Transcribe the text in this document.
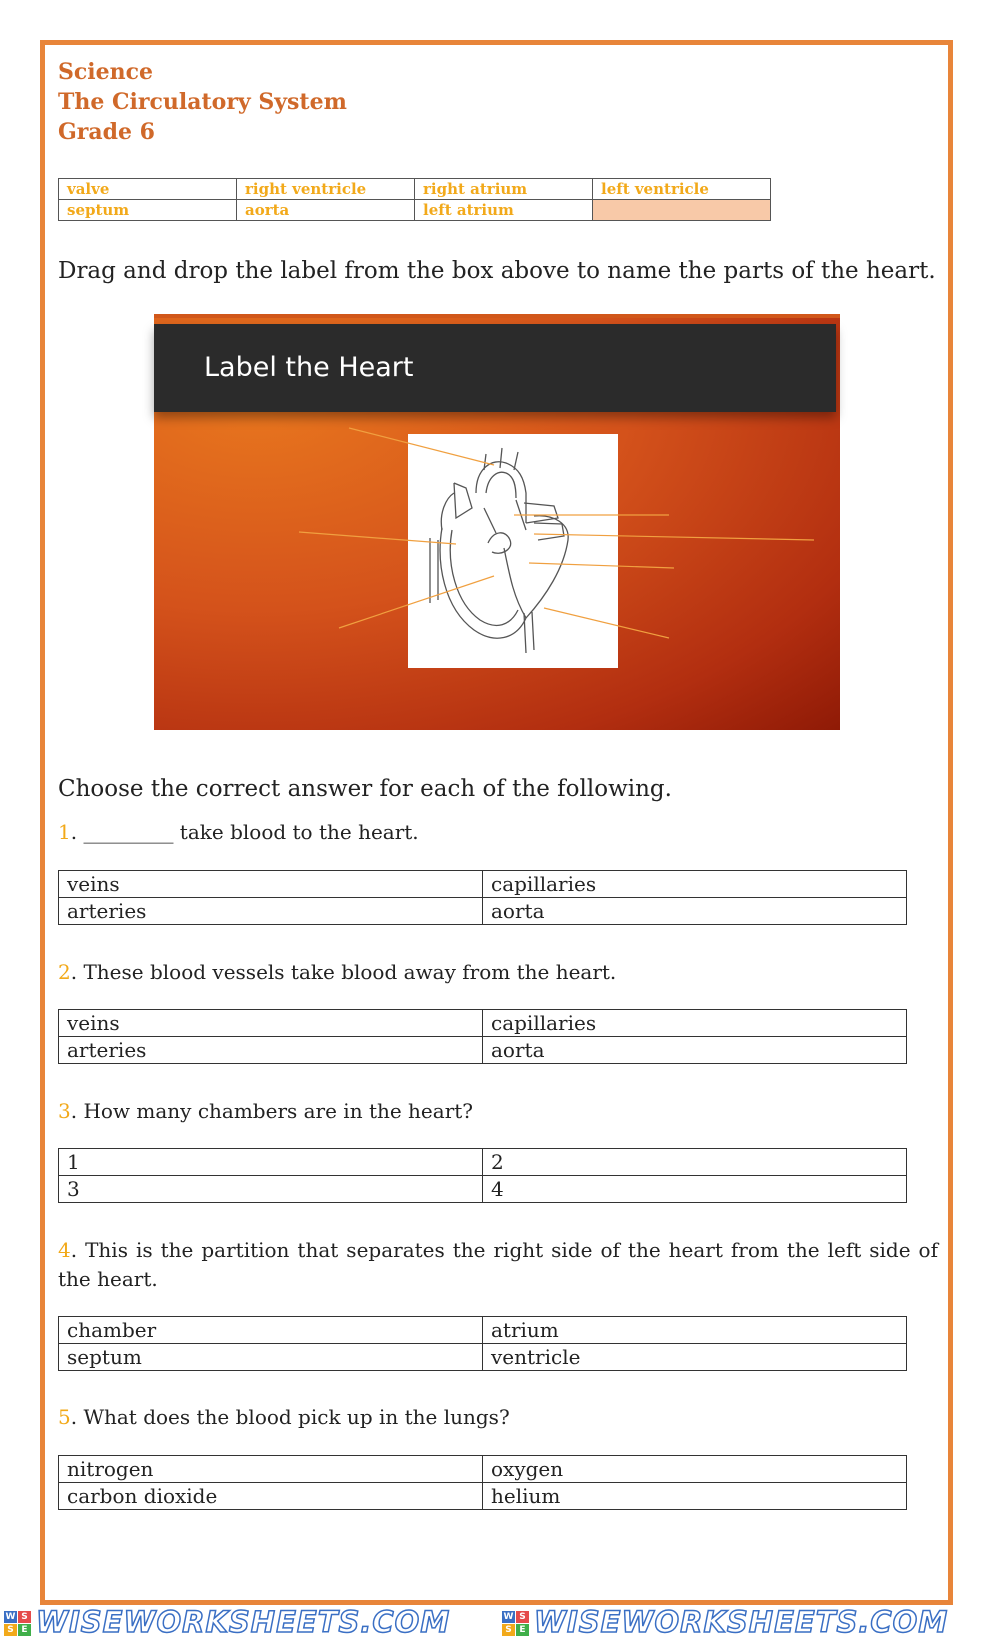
Science
The Circulatory System
Grade 6
valve	right ventricle	right atrium	left ventricle
septum	aorta	left atrium	
Drag and drop the label from the box above to name the parts of the heart.
Label the Heart
Choose the correct answer for each of the following.
1. _________ take blood to the heart.
veins	capillaries
arteries	aorta
2. These blood vessels take blood away from the heart.
veins	capillaries
arteries	aorta
3. How many chambers are in the heart?
1	2
3	4
4. This is the partition that separates the right side of the heart from the left side of the heart.
chamber	atrium
septum	ventricle
5. What does the blood pick up in the lungs?
nitrogen	oxygen
carbon dioxide	helium
W S
S E WISEWORKSHEETS.COM	W S
S E WISEWORKSHEETS.COM
